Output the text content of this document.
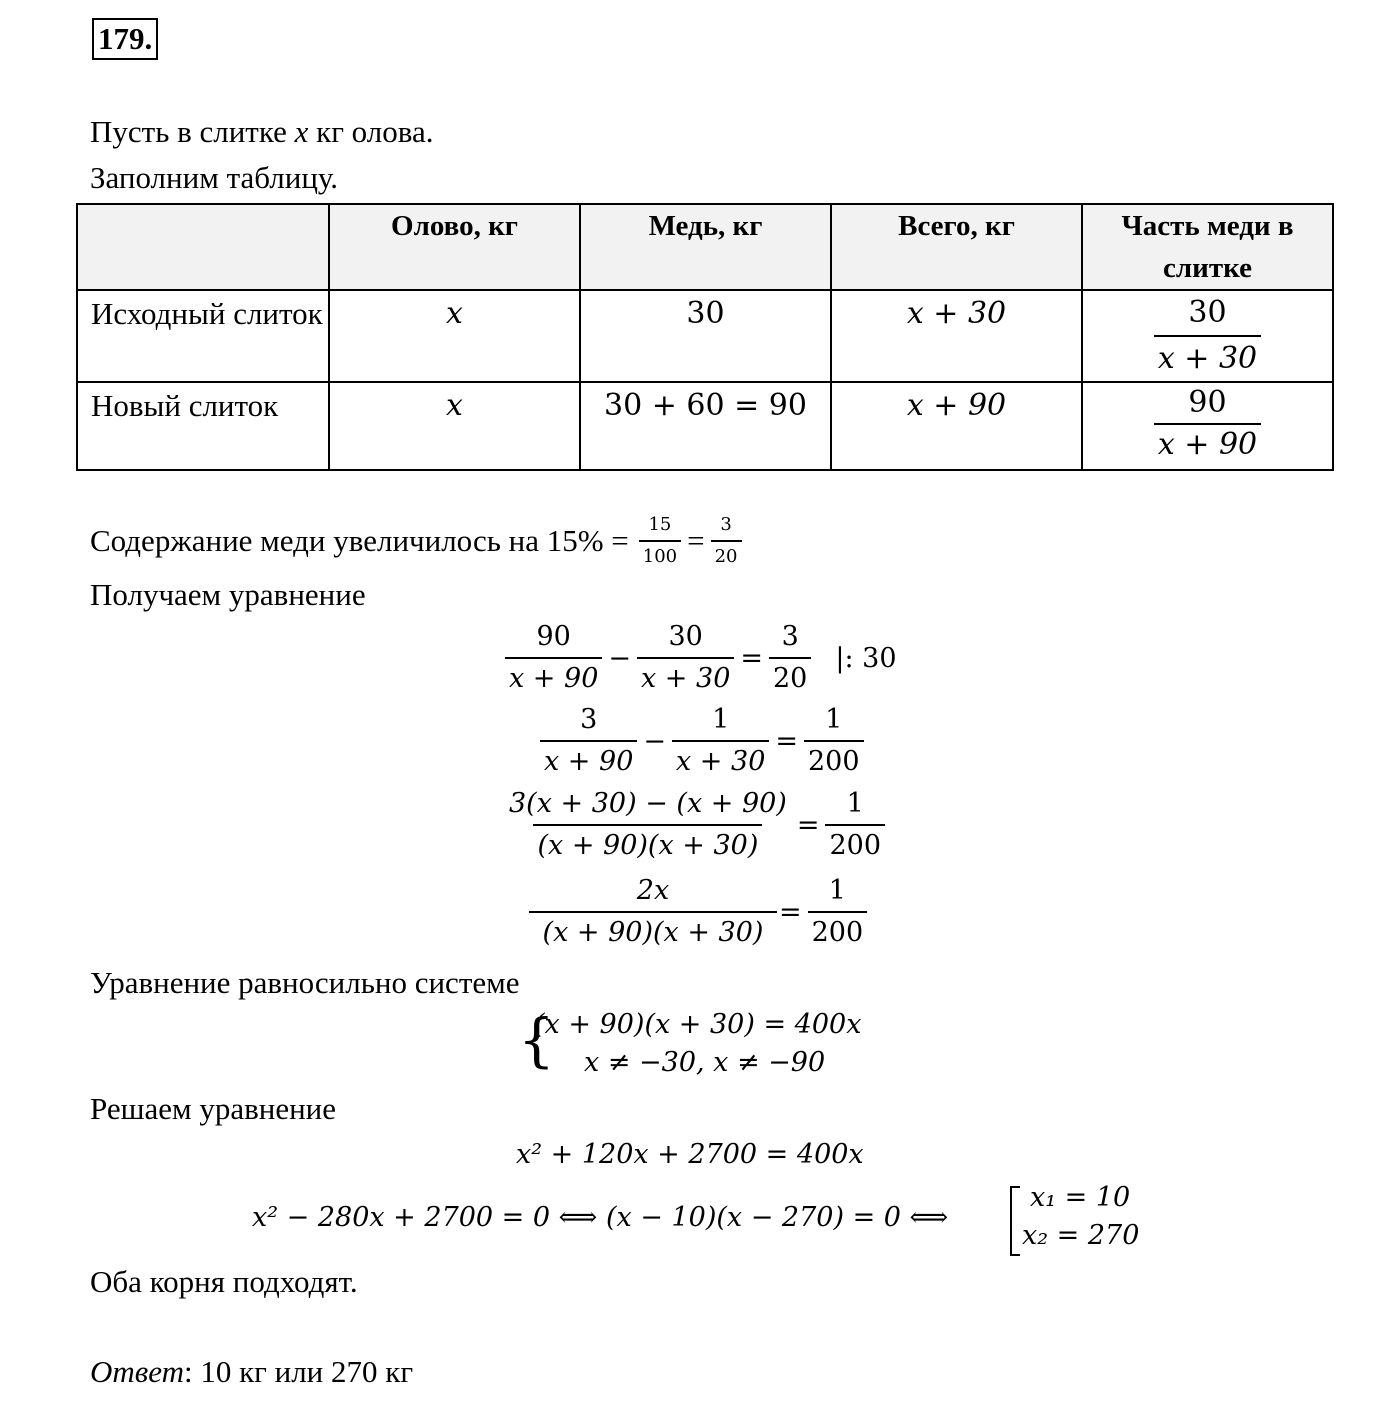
179.
Пусть в слитке x кг олова.
Заполним таблицу.
	Олово, кг	Медь, кг	Всего, кг	Часть меди в слитке
Исходный слиток	x	30	x + 30	$\frac{30}{x + 30}$

Новый слиток	x	30 + 60 = 90	x + 90	$\frac{90}{x + 90}$
Содержание меди увеличилось на $15\% = \frac{15}{100} = \frac{3}{20}$
Получаем уравнение
$\frac{90}{x + 90} - \frac{30}{x + 30} = \frac{3}{20}$ |: 30
$\frac{3}{x + 90} - \frac{1}{x + 30} = \frac{1}{200}$
$\frac{3(x + 30) - (x + 90)}{(x + 90)(x + 30)} = \frac{1}{200}$
$\frac{2x}{(x + 90)(x + 30)} = \frac{1}{200}$
Уравнение равносильно системе
{
(x + 90)(x + 30) = 400x
x ≠ −30, x ≠ −90
Решаем уравнение
x² + 120x + 2700 = 400x
x² − 280x + 2700 = 0 ⟺ (x − 10)(x − 270) = 0 ⟺
x₁ = 10
x₂ = 270
Оба корня подходят.
Ответ: 10 кг или 270 кг
